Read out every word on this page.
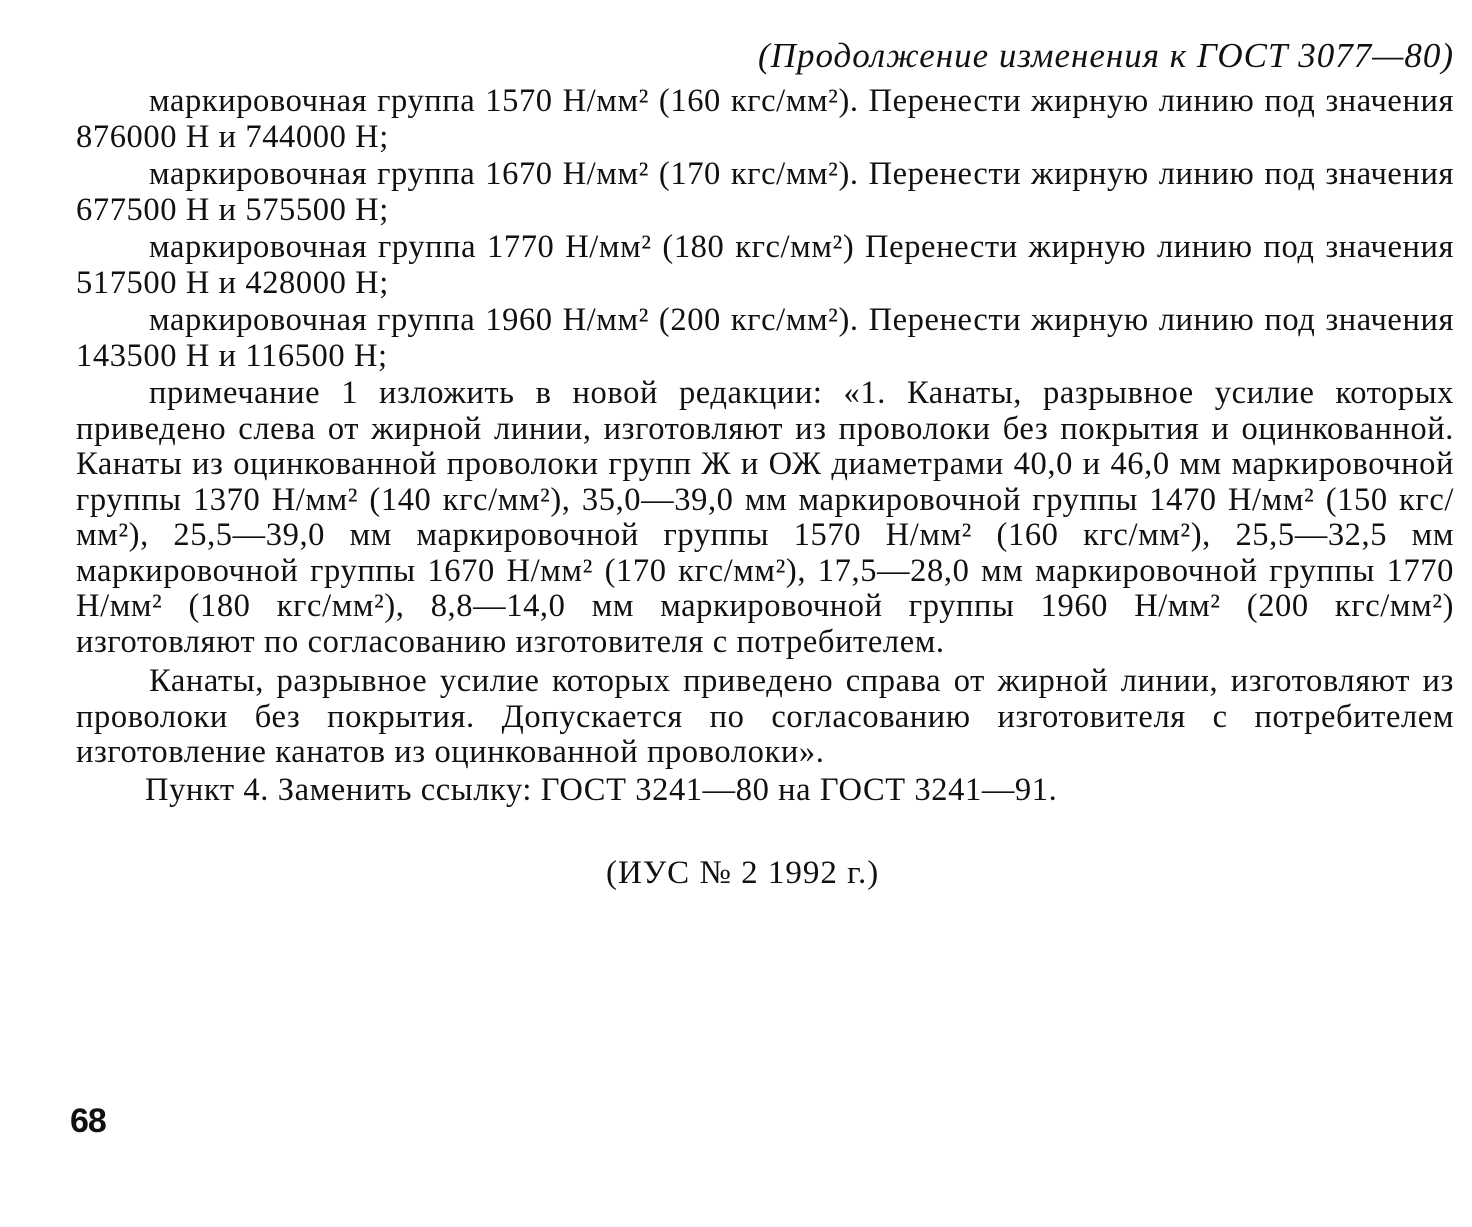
(Продолжение изменения к ГОСТ 3077—80)

маркировочная группа 1570 Н/мм² (160 кгс/мм²). Перенести жирную линию под значения 876000 Н и 744000 Н;

маркировочная группа 1670 Н/мм² (170 кгс/мм²). Перенести жирную линию под значения 677500 Н и 575500 Н;

маркировочная группа 1770 Н/мм² (180 кгс/мм²) Перенести жирную линию под значения 517500 Н и 428000 Н;

маркировочная группа 1960 Н/мм² (200 кгс/мм²). Перенести жирную линию под значения 143500 Н и 116500 Н;

примечание 1 изложить в новой редакции: «1. Канаты, разрывное усилие которых приведено слева от жирной линии, изготовляют из проволоки без покрытия и оцинкованной. Канаты из оцинкованной проволоки групп Ж и ОЖ диаметрами 40,0 и 46,0 мм маркировочной группы 1370 Н/мм² (140 кгс/мм²), 35,0—39,0 мм маркировочной группы 1470 Н/мм² (150 кгс/мм²), 25,5—39,0 мм маркировочной группы 1570 Н/мм² (160 кгс/мм²), 25,5—32,5 мм маркировочной группы 1670 Н/мм² (170 кгс/мм²), 17,5—28,0 мм маркировочной группы 1770 Н/мм² (180 кгс/мм²), 8,8—14,0 мм маркировочной группы 1960 Н/мм² (200 кгс/мм²) изготовляют по согласованию изготовителя с потребителем.

Канаты, разрывное усилие которых приведено справа от жирной линии, изготовляют из проволоки без покрытия. Допускается по согласованию изготовителя с потребителем изготовление канатов из оцинкованной проволоки».

Пункт 4. Заменить ссылку: ГОСТ 3241—80 на ГОСТ 3241—91.

(ИУС № 2 1992 г.)
68
